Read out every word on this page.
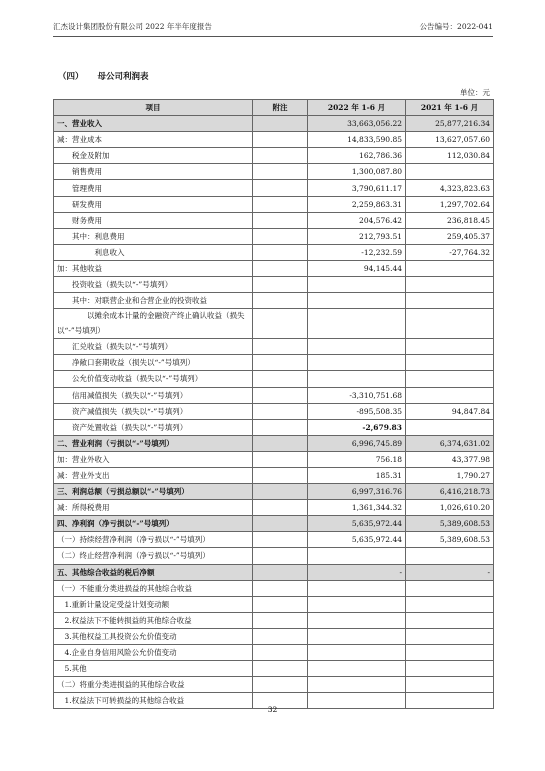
汇杰设计集团股份有限公司 2022 年半年度报告	公告编号：2022-041
（四） 母公司利润表
单位：元
项目	附注	2022 年 1-6 月	2021 年 1-6 月
一、营业收入		33,663,056.22	25,877,216.34
减：营业成本		14,833,590.85	13,627,057.60
税金及附加		162,786.36	112,030.84
销售费用		1,300,087.80	
管理费用		3,790,611.17	4,323,823.63
研发费用		2,259,863.31	1,297,702.64
财务费用		204,576.42	236,818.45
其中：利息费用		212,793.51	259,405.37
利息收入		-12,232.59	-27,764.32
加：其他收益		94,145.44	
投资收益（损失以“-”号填列）			
其中：对联营企业和合营企业的投资收益			
以摊余成本计量的金融资产终止确认收益（损失以“-”号填列）			
汇兑收益（损失以“-”号填列）			
净敞口套期收益（损失以“-”号填列）			
公允价值变动收益（损失以“-”号填列）			
信用减值损失（损失以“-”号填列）		-3,310,751.68	
资产减值损失（损失以“-”号填列）		-895,508.35	94,847.84
资产处置收益（损失以“-”号填列）		-2,679.83	
二、营业利润（亏损以“-”号填列）		6,996,745.89	6,374,631.02
加：营业外收入		756.18	43,377.98
减：营业外支出		185.31	1,790.27
三、利润总额（亏损总额以“-”号填列）		6,997,316.76	6,416,218.73
减：所得税费用		1,361,344.32	1,026,610.20
四、净利润（净亏损以“-”号填列）		5,635,972.44	5,389,608.53
（一）持续经营净利润（净亏损以“-”号填列）		5,635,972.44	5,389,608.53
（二）终止经营净利润（净亏损以“-”号填列）			
五、其他综合收益的税后净额		-	-
（一）不能重分类进损益的其他综合收益			
1.重新计量设定受益计划变动额			
2.权益法下不能转损益的其他综合收益			
3.其他权益工具投资公允价值变动			
4.企业自身信用风险公允价值变动			
5.其他			
（二）将重分类进损益的其他综合收益			
1.权益法下可转损益的其他综合收益			
32
